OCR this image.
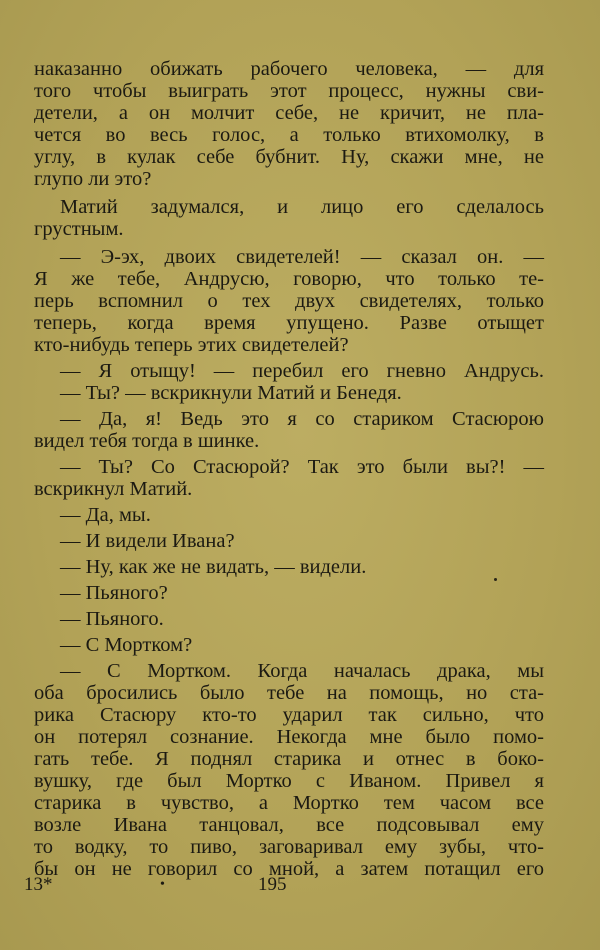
наказанно обижать рабочего человека, — для
того чтобы выиграть этот процесс, нужны сви-
детели, а он молчит себе, не кричит, не пла-
чется во весь голос, а только втихомолку, в
углу, в кулак себе бубнит. Ну, скажи мне, не
глупо ли это?
Матий задумался, и лицо его сделалось
грустным.
— Э-эх, двоих свидетелей! — сказал он. —
Я же тебе, Андрусю, говорю, что только те-
перь вспомнил о тех двух свидетелях, только
теперь, когда время упущено. Разве отыщет
кто-нибудь теперь этих свидетелей?
— Я отыщу! — перебил его гневно Андрусь.
— Ты? — вскрикнули Матий и Бенедя.
— Да, я! Ведь это я со стариком Стасюрою
видел тебя тогда в шинке.
— Ты? Со Стасюрой? Так это были вы?! —
вскрикнул Матий.
— Да, мы.
— И видели Ивана?
— Ну, как же не видать, — видели.
— Пьяного?
— Пьяного.
— С Мортком?
— С Мортком. Когда началась драка, мы
оба бросились было тебе на помощь, но ста-
рика Стасюру кто-то ударил так сильно, что
он потерял сознание. Некогда мне было помо-
гать тебе. Я поднял старика и отнес в боко-
вушку, где был Мортко с Иваном. Привел я
старика в чувство, а Мортко тем часом все
возле Ивана танцовал, все подсовывал ему
то водку, то пиво, заговаривал ему зубы, что-
бы он не говорил со мной, а затем потащил его
13*	•	195
